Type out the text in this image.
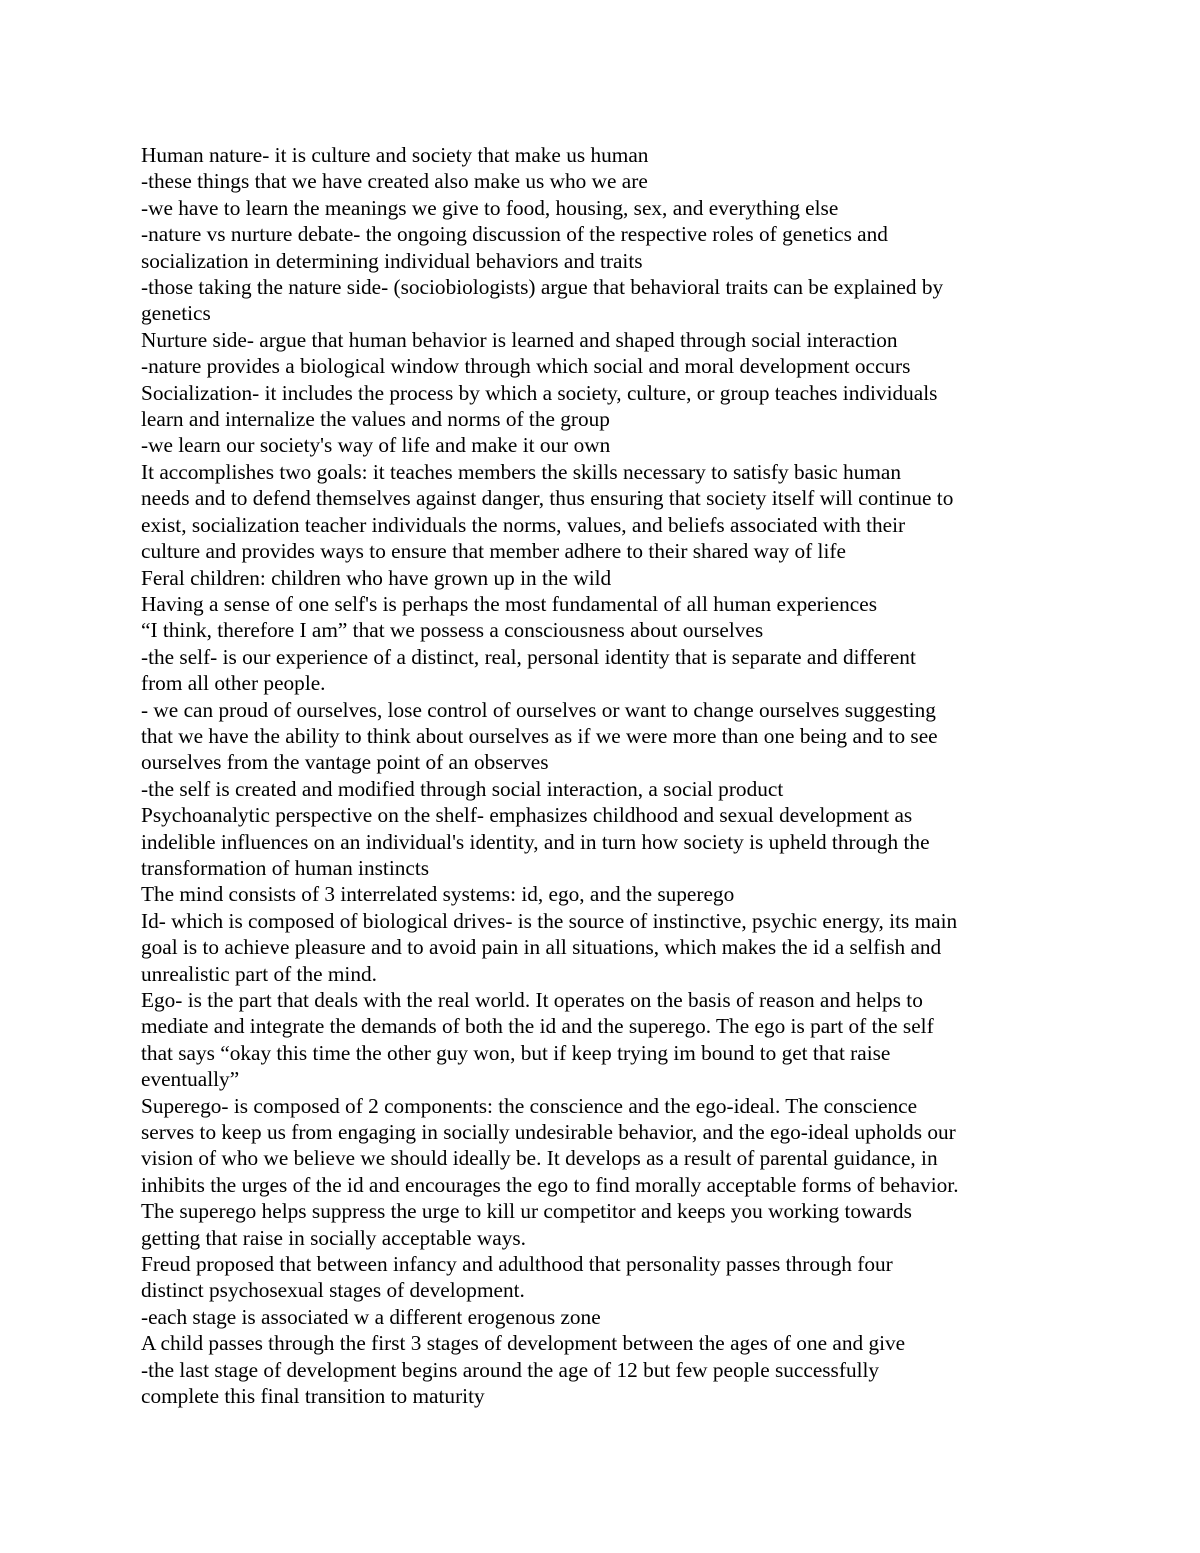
Human nature- it is culture and society that make us human
-these things that we have created also make us who we are
-we have to learn the meanings we give to food, housing, sex, and everything else
-nature vs nurture debate- the ongoing discussion of the respective roles of genetics and
socialization in determining individual behaviors and traits
-those taking the nature side- (sociobiologists) argue that behavioral traits can be explained by
genetics
Nurture side- argue that human behavior is learned and shaped through social interaction
-nature provides a biological window through which social and moral development occurs
Socialization- it includes the process by which a society, culture, or group teaches individuals
learn and internalize the values and norms of the group
-we learn our society's way of life and make it our own
It accomplishes two goals: it teaches members the skills necessary to satisfy basic human
needs and to defend themselves against danger, thus ensuring that society itself will continue to
exist, socialization teacher individuals the norms, values, and beliefs associated with their
culture and provides ways to ensure that member adhere to their shared way of life
Feral children: children who have grown up in the wild
Having a sense of one self's is perhaps the most fundamental of all human experiences
“I think, therefore I am” that we possess a consciousness about ourselves
-the self- is our experience of a distinct, real, personal identity that is separate and different
from all other people.
- we can proud of ourselves, lose control of ourselves or want to change ourselves suggesting
that we have the ability to think about ourselves as if we were more than one being and to see
ourselves from the vantage point of an observes
-the self is created and modified through social interaction, a social product
Psychoanalytic perspective on the shelf- emphasizes childhood and sexual development as
indelible influences on an individual's identity, and in turn how society is upheld through the
transformation of human instincts
The mind consists of 3 interrelated systems: id, ego, and the superego
Id- which is composed of biological drives- is the source of instinctive, psychic energy, its main
goal is to achieve pleasure and to avoid pain in all situations, which makes the id a selfish and
unrealistic part of the mind.
Ego- is the part that deals with the real world. It operates on the basis of reason and helps to
mediate and integrate the demands of both the id and the superego. The ego is part of the self
that says “okay this time the other guy won, but if keep trying im bound to get that raise
eventually”
Superego- is composed of 2 components: the conscience and the ego-ideal. The conscience
serves to keep us from engaging in socially undesirable behavior, and the ego-ideal upholds our
vision of who we believe we should ideally be. It develops as a result of parental guidance, in
inhibits the urges of the id and encourages the ego to find morally acceptable forms of behavior.
The superego helps suppress the urge to kill ur competitor and keeps you working towards
getting that raise in socially acceptable ways.
Freud proposed that between infancy and adulthood that personality passes through four
distinct psychosexual stages of development.
-each stage is associated w a different erogenous zone
A child passes through the first 3 stages of development between the ages of one and give
-the last stage of development begins around the age of 12 but few people successfully
complete this final transition to maturity
